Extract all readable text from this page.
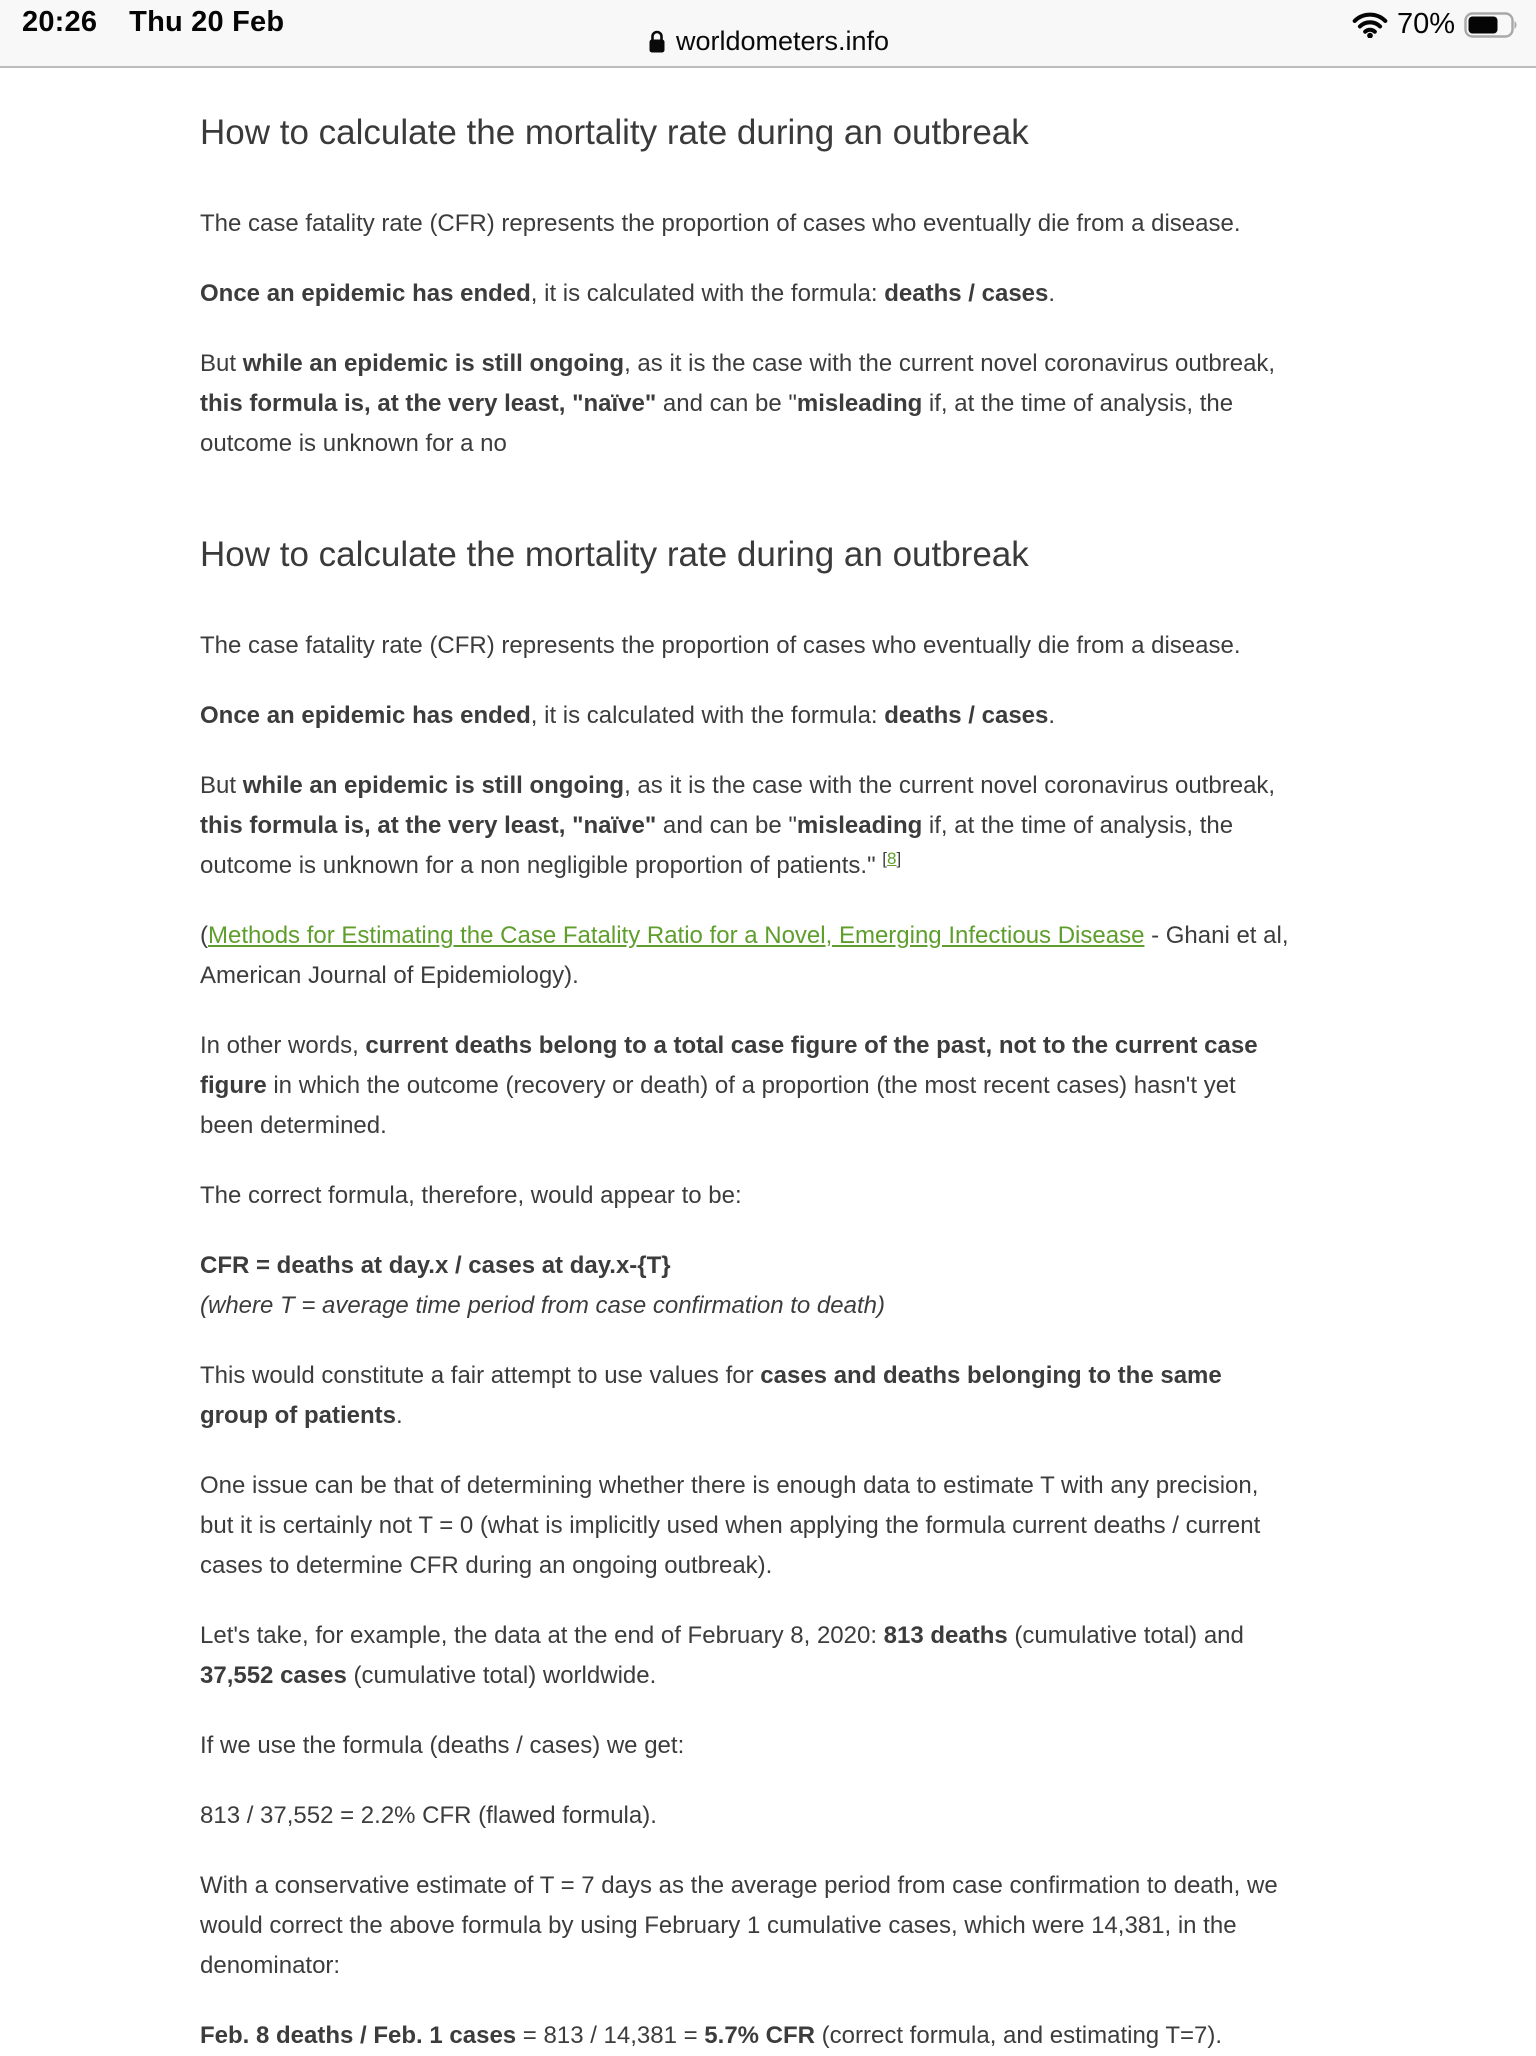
20:26 Thu 20 Feb	70%
worldometers.info
How to calculate the mortality rate during an outbreak

The case fatality rate (CFR) represents the proportion of cases who eventually die from a disease.

Once an epidemic has ended, it is calculated with the formula: deaths / cases.

But while an epidemic is still ongoing, as it is the case with the current novel coronavirus outbreak,
this formula is, at the very least, "naïve" and can be "misleading if, at the time of analysis, the
outcome is unknown for a no

How to calculate the mortality rate during an outbreak

The case fatality rate (CFR) represents the proportion of cases who eventually die from a disease.

Once an epidemic has ended, it is calculated with the formula: deaths / cases.

But while an epidemic is still ongoing, as it is the case with the current novel coronavirus outbreak,
this formula is, at the very least, "naïve" and can be "misleading if, at the time of analysis, the
outcome is unknown for a non negligible proportion of patients." [8]

(Methods for Estimating the Case Fatality Ratio for a Novel, Emerging Infectious Disease - Ghani et al,
American Journal of Epidemiology).

In other words, current deaths belong to a total case figure of the past, not to the current case
figure in which the outcome (recovery or death) of a proportion (the most recent cases) hasn't yet
been determined.

The correct formula, therefore, would appear to be:

CFR = deaths at day.x / cases at day.x-{T}
(where T = average time period from case confirmation to death)

This would constitute a fair attempt to use values for cases and deaths belonging to the same
group of patients.

One issue can be that of determining whether there is enough data to estimate T with any precision,
but it is certainly not T = 0 (what is implicitly used when applying the formula current deaths / current
cases to determine CFR during an ongoing outbreak).

Let's take, for example, the data at the end of February 8, 2020: 813 deaths (cumulative total) and
37,552 cases (cumulative total) worldwide.

If we use the formula (deaths / cases) we get:

813 / 37,552 = 2.2% CFR (flawed formula).

With a conservative estimate of T = 7 days as the average period from case confirmation to death, we
would correct the above formula by using February 1 cumulative cases, which were 14,381, in the
denominator:

Feb. 8 deaths / Feb. 1 cases = 813 / 14,381 = 5.7% CFR (correct formula, and estimating T=7).
